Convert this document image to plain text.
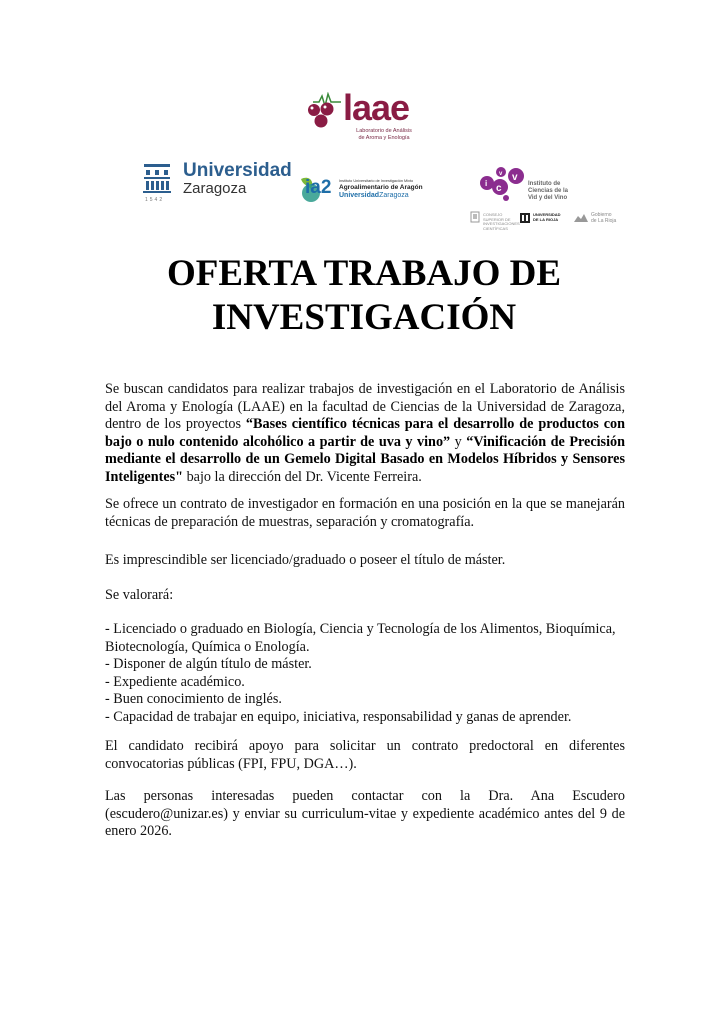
laae
Laboratorio de Análisis
de Aroma y Enología
1542
Universidad
Zaragoza	ia2 Instituto Universitario de Investigación Mixto
Agroalimentario de Aragón
UniversidadZaragoza
i c
v v
Instituto de
Ciencias de la
Vid y del Vino
CONSEJO SUPERIOR DE INVESTIGACIONES CIENTÍFICAS
UNIVERSIDAD
DE LA RIOJA
Gobierno
de La Rioja
OFERTA TRABAJO DE
INVESTIGACIÓN
Se buscan candidatos para realizar trabajos de investigación en el Laboratorio de Análisis del Aroma y Enología (LAAE) en la facultad de Ciencias de la Universidad de Zaragoza, dentro de los proyectos “Bases científico técnicas para el desarrollo de productos con bajo o nulo contenido alcohólico a partir de uva y vino” y “Vinificación de Precisión mediante el desarrollo de un Gemelo Digital Basado en Modelos Híbridos y Sensores Inteligentes" bajo la dirección del Dr. Vicente Ferreira.
Se ofrece un contrato de investigador en formación en una posición en la que se manejarán técnicas de preparación de muestras, separación y cromatografía.
Es imprescindible ser licenciado/graduado o poseer el título de máster.
Se valorará:
- Licenciado o graduado en Biología, Ciencia y Tecnología de los Alimentos, Bioquímica, Biotecnología, Química o Enología.
- Disponer de algún título de máster.
- Expediente académico.
- Buen conocimiento de inglés.
- Capacidad de trabajar en equipo, iniciativa, responsabilidad y ganas de aprender.
El candidato recibirá apoyo para solicitar un contrato predoctoral en diferentes convocatorias públicas (FPI, FPU, DGA…).
Las personas interesadas pueden contactar con la Dra. Ana Escudero
(escudero@unizar.es) y enviar su curriculum-vitae y expediente académico antes del 9 de enero 2026.
